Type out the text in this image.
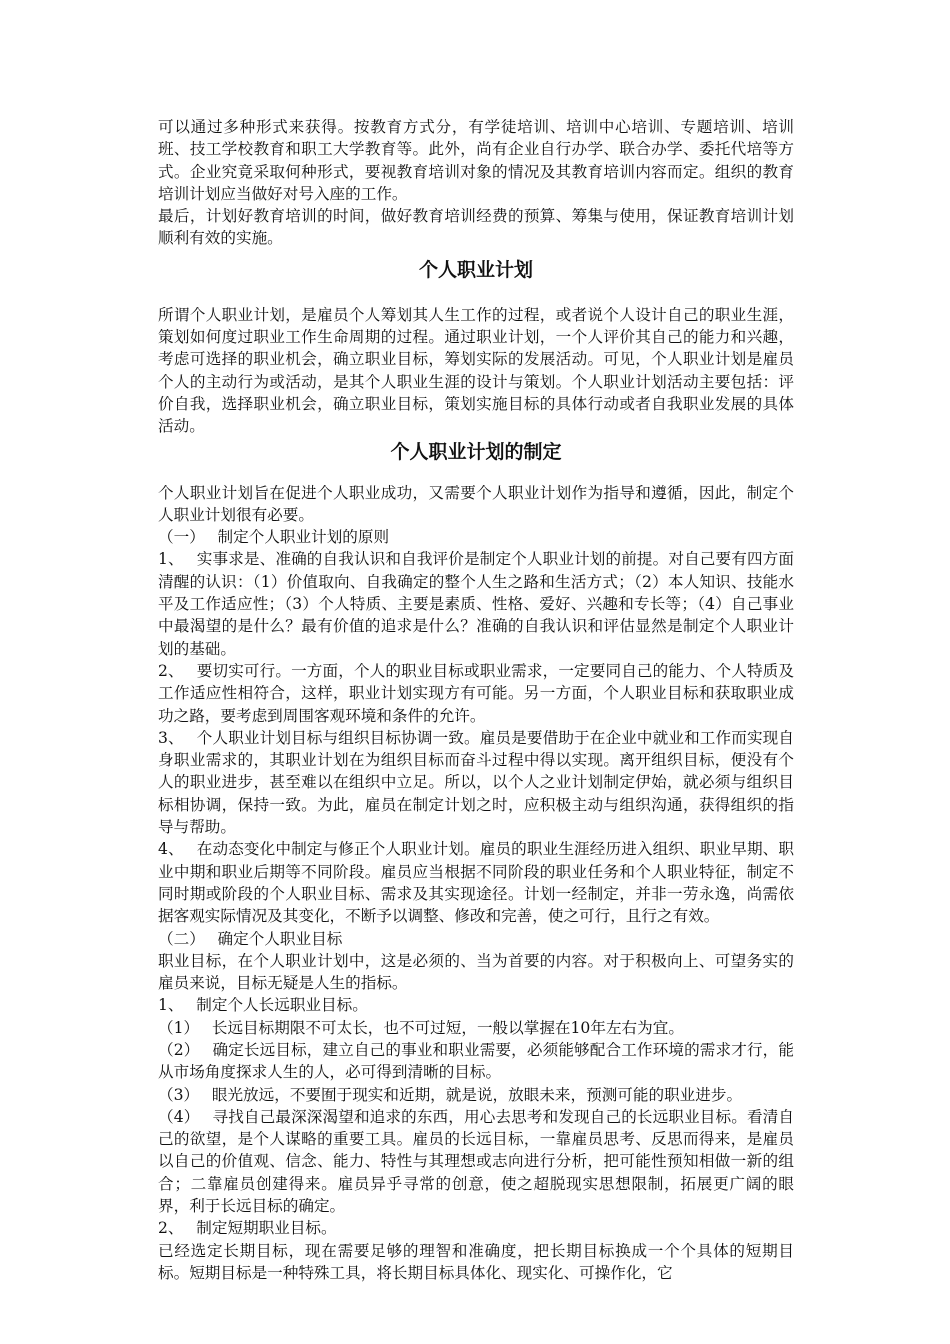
可以通过多种形式来获得。按教育方式分，有学徒培训、培训中心培训、专题培训、培训班、技工学校教育和职工大学教育等。此外，尚有企业自行办学、联合办学、委托代培等方式。企业究竟采取何种形式，要视教育培训对象的情况及其教育培训内容而定。组织的教育培训计划应当做好对号入座的工作。

最后，计划好教育培训的时间，做好教育培训经费的预算、筹集与使用，保证教育培训计划顺利有效的实施。

个人职业计划

所谓个人职业计划，是雇员个人筹划其人生工作的过程，或者说个人设计自己的职业生涯，策划如何度过职业工作生命周期的过程。通过职业计划，一个人评价其自己的能力和兴趣，考虑可选择的职业机会，确立职业目标，筹划实际的发展活动。可见，个人职业计划是雇员个人的主动行为或活动，是其个人职业生涯的设计与策划。个人职业计划活动主要包括：评价自我，选择职业机会，确立职业目标，策划实施目标的具体行动或者自我职业发展的具体活动。

个人职业计划的制定

个人职业计划旨在促进个人职业成功，又需要个人职业计划作为指导和遵循，因此，制定个人职业计划很有必要。

（一）　 制定个人职业计划的原则

1、　 实事求是、准确的自我认识和自我评价是制定个人职业计划的前提。对自己要有四方面清醒的认识：（1）价值取向、自我确定的整个人生之路和生活方式；（2）本人知识、技能水平及工作适应性；（3）个人特质、主要是素质、性格、爱好、兴趣和专长等；（4）自己事业中最渴望的是什么？最有价值的追求是什么？准确的自我认识和评估显然是制定个人职业计划的基础。

2、　 要切实可行。一方面，个人的职业目标或职业需求，一定要同自己的能力、个人特质及工作适应性相符合，这样，职业计划实现方有可能。另一方面，个人职业目标和获取职业成功之路，要考虑到周围客观环境和条件的允许。

3、　 个人职业计划目标与组织目标协调一致。雇员是要借助于在企业中就业和工作而实现自身职业需求的，其职业计划在为组织目标而奋斗过程中得以实现。离开组织目标，便没有个人的职业进步，甚至难以在组织中立足。所以，以个人之业计划制定伊始，就必须与组织目标相协调，保持一致。为此，雇员在制定计划之时，应积极主动与组织沟通，获得组织的指导与帮助。

4、　 在动态变化中制定与修正个人职业计划。雇员的职业生涯经历进入组织、职业早期、职业中期和职业后期等不同阶段。雇员应当根据不同阶段的职业任务和个人职业特征，制定不同时期或阶段的个人职业目标、需求及其实现途径。计划一经制定，并非一劳永逸，尚需依据客观实际情况及其变化，不断予以调整、修改和完善，使之可行，且行之有效。

（二）　 确定个人职业目标

职业目标，在个人职业计划中，这是必须的、当为首要的内容。对于积极向上、可望务实的雇员来说，目标无疑是人生的指标。

1、　 制定个人长远职业目标。

（1）　 长远目标期限不可太长，也不可过短，一般以掌握在10年左右为宜。

（2）　 确定长远目标，建立自己的事业和职业需要，必须能够配合工作环境的需求才行，能从市场角度探求人生的人，必可得到清晰的目标。

（3）　 眼光放远，不要囿于现实和近期，就是说，放眼未来，预测可能的职业进步。

（4）　 寻找自己最深深渴望和追求的东西，用心去思考和发现自己的长远职业目标。看清自己的欲望，是个人谋略的重要工具。雇员的长远目标，一靠雇员思考、反思而得来，是雇员以自己的价值观、信念、能力、特性与其理想或志向进行分析，把可能性预知相做一新的组合；二靠雇员创建得来。雇员异乎寻常的创意，使之超脱现实思想限制，拓展更广阔的眼界，利于长远目标的确定。

2、　 制定短期职业目标。

已经选定长期目标，现在需要足够的理智和准确度，把长期目标换成一个个具体的短期目标。短期目标是一种特殊工具，将长期目标具体化、现实化、可操作化，它
